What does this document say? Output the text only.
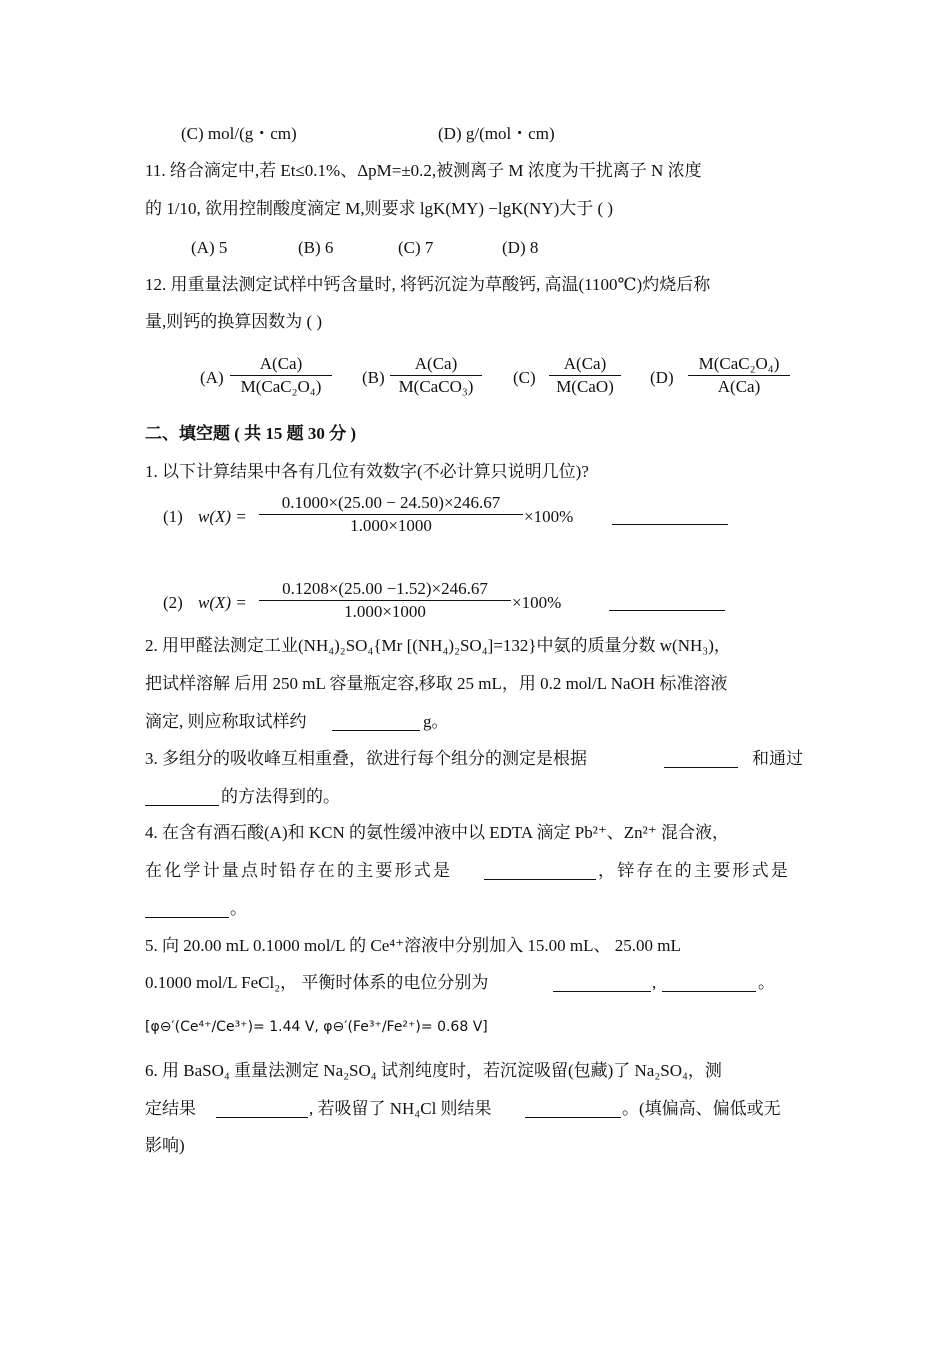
(C) mol/(g・cm)	(D) g/(mol・cm)
11. 络合滴定中,若 Et≤0.1%、ΔpM=±0.2,被测离子 M 浓度为干扰离子 N 浓度
的 1/10, 欲用控制酸度滴定 M,则要求 lgK(MY) −lgK(NY)大于 ( )
(A) 5	(B) 6	(C) 7	(D) 8
12. 用重量法测定试样中钙含量时, 将钙沉淀为草酸钙, 高温(1100℃)灼烧后称
量,则钙的换算因数为 ( )
(A)
A(Ca)
M(CaC₂O₄)	(B)
A(Ca)
M(CaCO₃)	(C)
A(Ca)
M(CaO)	(D)
M(CaC₂O₄)
A(Ca)
二、填空题 ( 共 15 题 30 分 )
1. 以下计算结果中各有几位有效数字(不必计算只说明几位)?
(1) $w(X) = \frac{0.1000\times(25.00 - 24.50)\times 246.67}{1.000\times 1000} \times 100\%$
(2) $w(X) = \frac{0.1208\times(25.00 -1.52)\times 246.67}{1.000\times 1000} \times 100\%$
2. 用甲醛法测定工业(NH₄)₂SO₄{Mr [(NH₄)₂SO₄]=132}中氨的质量分数 w(NH₃)，
把试样溶解 后用 250 mL 容量瓶定容,移取 25 mL，用 0.2 mol/L NaOH 标准溶液
滴定, 则应称取试样约	g。
3. 多组分的吸收峰互相重叠，欲进行每个组分的测定是根据	和通过
的方法得到的。
4. 在含有酒石酸(A)和 KCN 的氨性缓冲液中以 EDTA 滴定 Pb²⁺、Zn²⁺ 混合液，
在化学计量点时铅存在的主要形式是	，锌存在的主要形式是
。
5. 向 20.00 mL 0.1000 mol/L 的 Ce⁴⁺溶液中分别加入 15.00 mL、 25.00 mL
0.1000 mol/L FeCl₂， 平衡时体系的电位分别为	,	。
[φ⊖′(Ce⁴⁺/Ce³⁺)= 1.44 V, φ⊖′(Fe³⁺/Fe²⁺)= 0.68 V]
6. 用 BaSO₄ 重量法测定 Na₂SO₄ 试剂纯度时，若沉淀吸留(包藏)了 Na₂SO₄，测
定结果	, 若吸留了 NH₄Cl 则结果	。(填偏高、偏低或无
影响)
